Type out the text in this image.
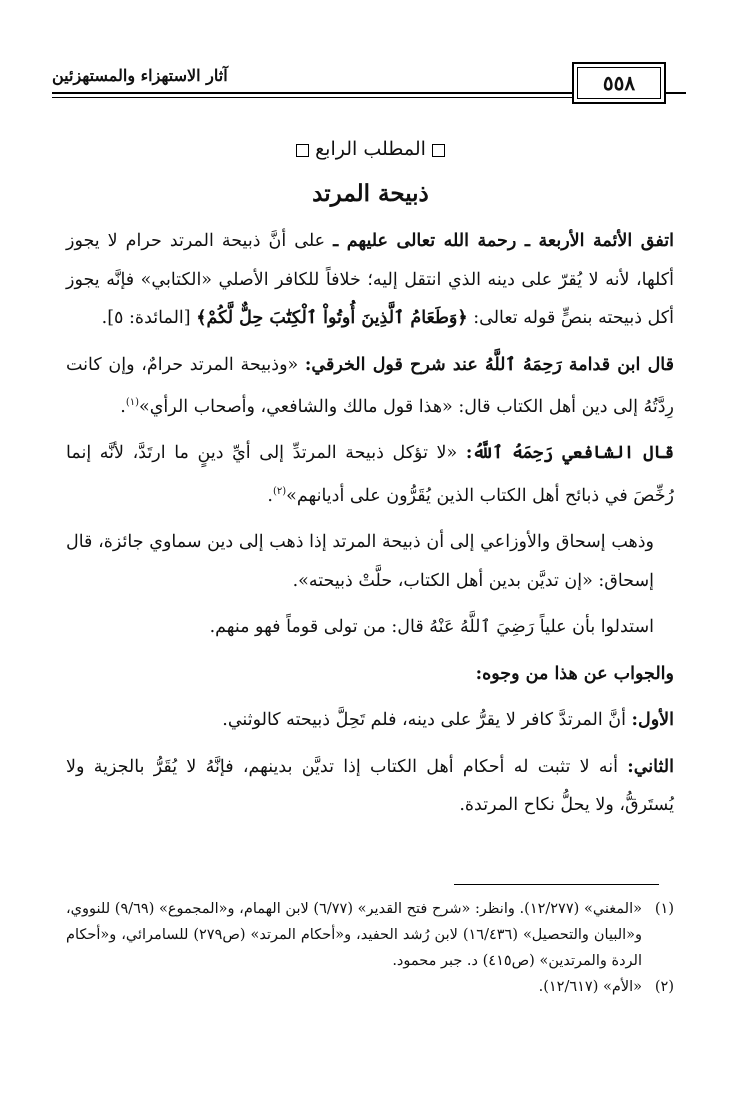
آثار الاستهزاء والمستهزئين	٥٥٨
المطلب الرابع
ذبيحة المرتد

اتفق الأئمة الأربعة ـ رحمة الله تعالى عليهم ـ على أنَّ ذبيحة المرتد حرام لا يجوز أكلها، لأنه لا يُقرّ على دينه الذي انتقل إليه؛ خلافاً للكافر الأصلي «الكتابي» فإنَّه يجوز أكل ذبيحته بنصٍّ قوله تعالى: ﴿وَطَعَامُ ٱلَّذِينَ أُوتُواْ ٱلْكِتَٰبَ حِلٌّ لَّكُمْ﴾ [المائدة: ٥].

قال ابن قدامة رَحِمَهُ ٱللَّهُ عند شرح قول الخرقي: «وذبيحة المرتد حرامٌ، وإن كانت رِدَّتُهُ إلى دين أهل الكتاب قال: «هذا قول مالك والشافعي، وأصحاب الرأي»$^{(١)}$.

قال الشافعي رَحِمَهُ ٱللَّهُ: «لا تؤكل ذبيحة المرتدِّ إلى أيِّ دينٍ ما ارتَدَّ، لأنَّه إنما رُخِّصَ في ذبائح أهل الكتاب الذين يُقَرُّون على أديانهم»$^{(٢)}$.

وذهب إسحاق والأوزاعي إلى أن ذبيحة المرتد إذا ذهب إلى دين سماوي جائزة، قال إسحاق: «إن تديَّن بدين أهل الكتاب، حلَّتْ ذبيحته».

استدلوا بأن علياً رَضِيَ ٱللَّهُ عَنْهُ قال: من تولى قوماً فهو منهم.

والجواب عن هذا من وجوه:

الأول: أنَّ المرتدَّ كافر لا يقرُّ على دينه، فلم تَحِلَّ ذبيحته كالوثني.

الثاني: أنه لا تثبت له أحكام أهل الكتاب إذا تديَّن بدينهم، فإنَّهُ لا يُقَرُّ بالجزية ولا يُستَرقُّ، ولا يحلُّ نكاح المرتدة.

(١)
«المغني» (١٢/٢٧٧). وانظر: «شرح فتح القدير» (٦/٧٧) لابن الهمام، و«المجموع» (٩/٦٩) للنووي، و«البيان والتحصيل» (١٦/٤٣٦) لابن رُشد الحفيد، و«أحكام المرتد» (ص٢٧٩) للسامرائي، و«أحكام الردة والمرتدين» (ص٤١٥) د. جبر محمود.

(٢)
«الأم» (١٢/٦١٧).
